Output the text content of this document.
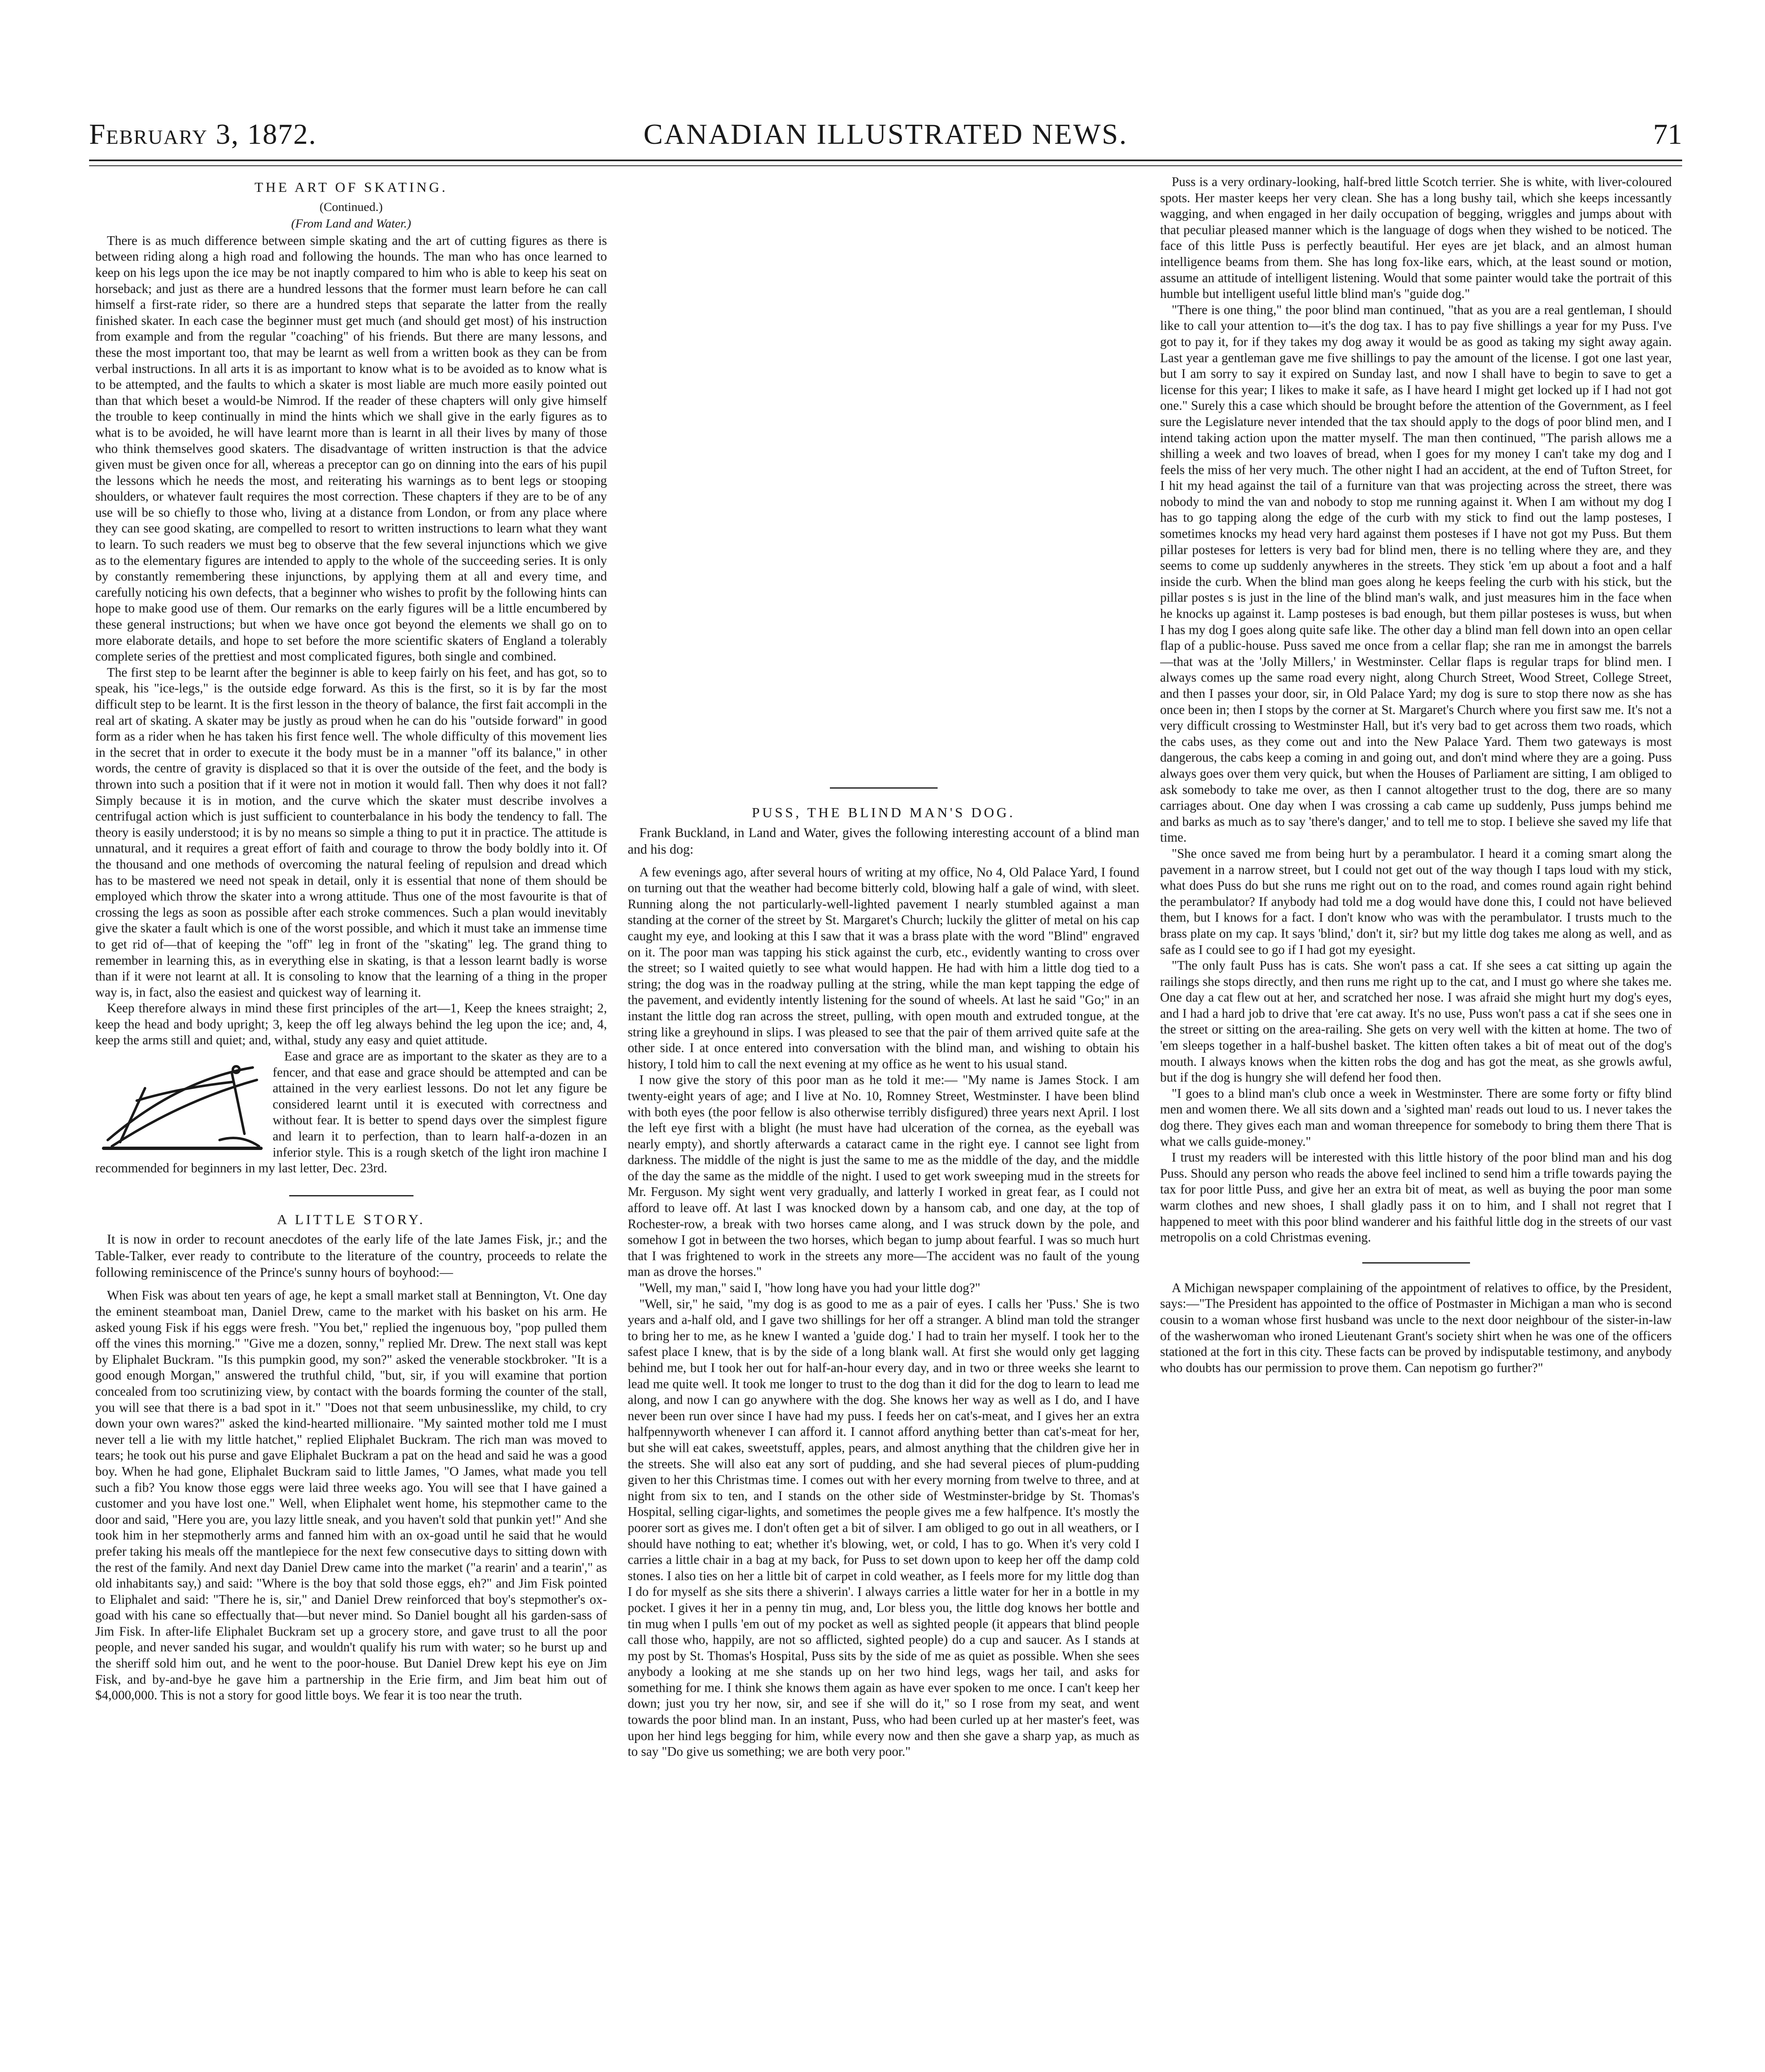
February 3, 1872.	CANADIAN ILLUSTRATED NEWS.	71
THE ART OF SKATING.
(Continued.)
(From Land and Water.)

There is as much difference between simple skating and the art of cutting figures as there is between riding along a high road and following the hounds. The man who has once learned to keep on his legs upon the ice may be not inaptly compared to him who is able to keep his seat on horseback; and just as there are a hundred lessons that the former must learn before he can call himself a first-rate rider, so there are a hundred steps that separate the latter from the really finished skater. In each case the beginner must get much (and should get most) of his instruction from example and from the regular "coaching" of his friends. But there are many lessons, and these the most important too, that may be learnt as well from a written book as they can be from verbal instructions. In all arts it is as important to know what is to be avoided as to know what is to be attempted, and the faults to which a skater is most liable are much more easily pointed out than that which beset a would-be Nimrod. If the reader of these chapters will only give himself the trouble to keep continually in mind the hints which we shall give in the early figures as to what is to be avoided, he will have learnt more than is learnt in all their lives by many of those who think themselves good skaters. The disadvantage of written instruction is that the advice given must be given once for all, whereas a preceptor can go on dinning into the ears of his pupil the lessons which he needs the most, and reiterating his warnings as to bent legs or stooping shoulders, or whatever fault requires the most correction. These chapters if they are to be of any use will be so chiefly to those who, living at a distance from London, or from any place where they can see good skating, are compelled to resort to written instructions to learn what they want to learn. To such readers we must beg to observe that the few several injunctions which we give as to the elementary figures are intended to apply to the whole of the succeeding series. It is only by constantly remembering these injunctions, by applying them at all and every time, and carefully noticing his own defects, that a beginner who wishes to profit by the following hints can hope to make good use of them. Our remarks on the early figures will be a little encumbered by these general instructions; but when we have once got beyond the elements we shall go on to more elaborate details, and hope to set before the more scientific skaters of England a tolerably complete series of the prettiest and most complicated figures, both single and combined.

The first step to be learnt after the beginner is able to keep fairly on his feet, and has got, so to speak, his "ice-legs," is the outside edge forward. As this is the first, so it is by far the most difficult step to be learnt. It is the first lesson in the theory of balance, the first fait accompli in the real art of skating. A skater may be justly as proud when he can do his "outside forward" in good form as a rider when he has taken his first fence well. The whole difficulty of this movement lies in the secret that in order to execute it the body must be in a manner "off its balance," in other words, the centre of gravity is displaced so that it is over the outside of the feet, and the body is thrown into such a position that if it were not in motion it would fall. Then why does it not fall? Simply because it is in motion, and the curve which the skater must describe involves a centrifugal action which is just sufficient to counterbalance in his body the tendency to fall. The theory is easily understood; it is by no means so simple a thing to put it in practice. The attitude is unnatural, and it requires a great effort of faith and courage to throw the body boldly into it. Of the thousand and one methods of overcoming the natural feeling of repulsion and dread which has to be mastered we need not speak in detail, only it is essential that none of them should be employed which throw the skater into a wrong attitude. Thus one of the most favourite is that of crossing the legs as soon as possible after each stroke commences. Such a plan would inevitably give the skater a fault which is one of the worst possible, and which it must take an immense time to get rid of—that of keeping the "off" leg in front of the "skating" leg. The grand thing to remember in learning this, as in everything else in skating, is that a lesson learnt badly is worse than if it were not learnt at all. It is consoling to know that the learning of a thing in the proper way is, in fact, also the easiest and quickest way of learning it.

Keep therefore always in mind these first principles of the art—1, Keep the knees straight; 2, keep the head and body upright; 3, keep the off leg always behind the leg upon the ice; and, 4, keep the arms still and quiet; and, withal, study any easy and quiet attitude.

Ease and grace are as important to the skater as they are to a fencer, and that ease and grace should be attempted and can be attained in the very earliest lessons. Do not let any figure be considered learnt until it is executed with correctness and without fear. It is better to spend days over the simplest figure and learn it to perfection, than to learn half-a-dozen in an inferior style. This is a rough sketch of the light iron machine I recommended for beginners in my last letter, Dec. 23rd.

A LITTLE STORY.

It is now in order to recount anecdotes of the early life of the late James Fisk, jr.; and the Table-Talker, ever ready to contribute to the literature of the country, proceeds to relate the following reminiscence of the Prince's sunny hours of boyhood:—

When Fisk was about ten years of age, he kept a small market stall at Bennington, Vt. One day the eminent steamboat man, Daniel Drew, came to the market with his basket on his arm. He asked young Fisk if his eggs were fresh. "You bet," replied the ingenuous boy, "pop pulled them off the vines this morning." "Give me a dozen, sonny," replied Mr. Drew. The next stall was kept by Eliphalet Buckram. "Is this pumpkin good, my son?" asked the venerable stockbroker. "It is a good enough Morgan," answered the truthful child, "but, sir, if you will examine that portion concealed from too scrutinizing view, by contact with the boards forming the counter of the stall, you will see that there is a bad spot in it." "Does not that seem unbusinesslike, my child, to cry down your own wares?" asked the kind-hearted millionaire. "My sainted mother told me I must never tell a lie with my little hatchet," replied Eliphalet Buckram. The rich man was moved to tears; he took out his purse and gave Eliphalet Buckram a pat on the head and said he was a good boy. When he had gone, Eliphalet Buckram said to little James, "O James, what made you tell such a fib? You know those eggs were laid three weeks ago. You will see that I have gained a customer and you have lost one." Well, when Eliphalet went home, his stepmother came to the door and said, "Here you are, you lazy little sneak, and you haven't sold that punkin yet!" And she took him in her stepmotherly arms and fanned him with an ox-goad until he said that he would prefer taking his meals off the mantlepiece for the next few consecutive days to sitting down with the rest of the family. And next day Daniel Drew came into the market ("a rearin' and a tearin'," as old inhabitants say,) and said: "Where is the boy that sold those eggs, eh?" and Jim Fisk pointed to Eliphalet and said: "There he is, sir," and Daniel Drew reinforced that boy's stepmother's ox-goad with his cane so effectually that—but never mind. So Daniel bought all his garden-sass of Jim Fisk. In after-life Eliphalet Buckram set up a grocery store, and gave trust to all the poor people, and never sanded his sugar, and wouldn't qualify his rum with water; so he burst up and the sheriff sold him out, and he went to the poor-house. But Daniel Drew kept his eye on Jim Fisk, and by-and-bye he gave him a partnership in the Erie firm, and Jim beat him out of $4,000,000. This is not a story for good little boys. We fear it is too near the truth.

PUSS, THE BLIND MAN'S DOG.

Frank Buckland, in Land and Water, gives the following interesting account of a blind man and his dog:

A few evenings ago, after several hours of writing at my office, No 4, Old Palace Yard, I found on turning out that the weather had become bitterly cold, blowing half a gale of wind, with sleet. Running along the not particularly-well-lighted pavement I nearly stumbled against a man standing at the corner of the street by St. Margaret's Church; luckily the glitter of metal on his cap caught my eye, and looking at this I saw that it was a brass plate with the word "Blind" engraved on it. The poor man was tapping his stick against the curb, etc., evidently wanting to cross over the street; so I waited quietly to see what would happen. He had with him a little dog tied to a string; the dog was in the roadway pulling at the string, while the man kept tapping the edge of the pavement, and evidently intently listening for the sound of wheels. At last he said "Go;" in an instant the little dog ran across the street, pulling, with open mouth and extruded tongue, at the string like a greyhound in slips. I was pleased to see that the pair of them arrived quite safe at the other side. I at once entered into conversation with the blind man, and wishing to obtain his history, I told him to call the next evening at my office as he went to his usual stand.

I now give the story of this poor man as he told it me:— "My name is James Stock. I am twenty-eight years of age; and I live at No. 10, Romney Street, Westminster. I have been blind with both eyes (the poor fellow is also otherwise terribly disfigured) three years next April. I lost the left eye first with a blight (he must have had ulceration of the cornea, as the eyeball was nearly empty), and shortly afterwards a cataract came in the right eye. I cannot see light from darkness. The middle of the night is just the same to me as the middle of the day, and the middle of the day the same as the middle of the night. I used to get work sweeping mud in the streets for Mr. Ferguson. My sight went very gradually, and latterly I worked in great fear, as I could not afford to leave off. At last I was knocked down by a hansom cab, and one day, at the top of Rochester-row, a break with two horses came along, and I was struck down by the pole, and somehow I got in between the two horses, which began to jump about fearful. I was so much hurt that I was frightened to work in the streets any more—The accident was no fault of the young man as drove the horses."

"Well, my man," said I, "how long have you had your little dog?"

"Well, sir," he said, "my dog is as good to me as a pair of eyes. I calls her 'Puss.' She is two years and a-half old, and I gave two shillings for her off a stranger. A blind man told the stranger to bring her to me, as he knew I wanted a 'guide dog.' I had to train her myself. I took her to the safest place I knew, that is by the side of a long blank wall. At first she would only get lagging behind me, but I took her out for half-an-hour every day, and in two or three weeks she learnt to lead me quite well. It took me longer to trust to the dog than it did for the dog to learn to lead me along, and now I can go anywhere with the dog. She knows her way as well as I do, and I have never been run over since I have had my puss. I feeds her on cat's-meat, and I gives her an extra halfpennyworth whenever I can afford it. I cannot afford anything better than cat's-meat for her, but she will eat cakes, sweetstuff, apples, pears, and almost anything that the children give her in the streets. She will also eat any sort of pudding, and she had several pieces of plum-pudding given to her this Christmas time. I comes out with her every morning from twelve to three, and at night from six to ten, and I stands on the other side of Westminster-bridge by St. Thomas's Hospital, selling cigar-lights, and sometimes the people gives me a few halfpence. It's mostly the poorer sort as gives me. I don't often get a bit of silver. I am obliged to go out in all weathers, or I should have nothing to eat; whether it's blowing, wet, or cold, I has to go. When it's very cold I carries a little chair in a bag at my back, for Puss to set down upon to keep her off the damp cold stones. I also ties on her a little bit of carpet in cold weather, as I feels more for my little dog than I do for myself as she sits there a shiverin'. I always carries a little water for her in a bottle in my pocket. I gives it her in a penny tin mug, and, Lor bless you, the little dog knows her bottle and tin mug when I pulls 'em out of my pocket as well as sighted people (it appears that blind people call those who, happily, are not so afflicted, sighted people) do a cup and saucer. As I stands at my post by St. Thomas's Hospital, Puss sits by the side of me as quiet as possible. When she sees anybody a looking at me she stands up on her two hind legs, wags her tail, and asks for something for me. I think she knows them again as have ever spoken to me once. I can't keep her down; just you try her now, sir, and see if she will do it," so I rose from my seat, and went towards the poor blind man. In an instant, Puss, who had been curled up at her master's feet, was upon her hind legs begging for him, while every now and then she gave a sharp yap, as much as to say "Do give us something; we are both very poor."

Puss is a very ordinary-looking, half-bred little Scotch terrier. She is white, with liver-coloured spots. Her master keeps her very clean. She has a long bushy tail, which she keeps incessantly wagging, and when engaged in her daily occupation of begging, wriggles and jumps about with that peculiar pleased manner which is the language of dogs when they wished to be noticed. The face of this little Puss is perfectly beautiful. Her eyes are jet black, and an almost human intelligence beams from them. She has long fox-like ears, which, at the least sound or motion, assume an attitude of intelligent listening. Would that some painter would take the portrait of this humble but intelligent useful little blind man's "guide dog."

"There is one thing," the poor blind man continued, "that as you are a real gentleman, I should like to call your attention to—it's the dog tax. I has to pay five shillings a year for my Puss. I've got to pay it, for if they takes my dog away it would be as good as taking my sight away again. Last year a gentleman gave me five shillings to pay the amount of the license. I got one last year, but I am sorry to say it expired on Sunday last, and now I shall have to begin to save to get a license for this year; I likes to make it safe, as I have heard I might get locked up if I had not got one." Surely this a case which should be brought before the attention of the Government, as I feel sure the Legislature never intended that the tax should apply to the dogs of poor blind men, and I intend taking action upon the matter myself. The man then continued, "The parish allows me a shilling a week and two loaves of bread, when I goes for my money I can't take my dog and I feels the miss of her very much. The other night I had an accident, at the end of Tufton Street, for I hit my head against the tail of a furniture van that was projecting across the street, there was nobody to mind the van and nobody to stop me running against it. When I am without my dog I has to go tapping along the edge of the curb with my stick to find out the lamp posteses, I sometimes knocks my head very hard against them posteses if I have not got my Puss. But them pillar posteses for letters is very bad for blind men, there is no telling where they are, and they seems to come up suddenly anywheres in the streets. They stick 'em up about a foot and a half inside the curb. When the blind man goes along he keeps feeling the curb with his stick, but the pillar postes s is just in the line of the blind man's walk, and just measures him in the face when he knocks up against it. Lamp posteses is bad enough, but them pillar posteses is wuss, but when I has my dog I goes along quite safe like. The other day a blind man fell down into an open cellar flap of a public-house. Puss saved me once from a cellar flap; she ran me in amongst the barrels—that was at the 'Jolly Millers,' in Westminster. Cellar flaps is regular traps for blind men. I always comes up the same road every night, along Church Street, Wood Street, College Street, and then I passes your door, sir, in Old Palace Yard; my dog is sure to stop there now as she has once been in; then I stops by the corner at St. Margaret's Church where you first saw me. It's not a very difficult crossing to Westminster Hall, but it's very bad to get across them two roads, which the cabs uses, as they come out and into the New Palace Yard. Them two gateways is most dangerous, the cabs keep a coming in and going out, and don't mind where they are a going. Puss always goes over them very quick, but when the Houses of Parliament are sitting, I am obliged to ask somebody to take me over, as then I cannot altogether trust to the dog, there are so many carriages about. One day when I was crossing a cab came up suddenly, Puss jumps behind me and barks as much as to say 'there's danger,' and to tell me to stop. I believe she saved my life that time.

"She once saved me from being hurt by a perambulator. I heard it a coming smart along the pavement in a narrow street, but I could not get out of the way though I taps loud with my stick, what does Puss do but she runs me right out on to the road, and comes round again right behind the perambulator? If anybody had told me a dog would have done this, I could not have believed them, but I knows for a fact. I don't know who was with the perambulator. I trusts much to the brass plate on my cap. It says 'blind,' don't it, sir? but my little dog takes me along as well, and as safe as I could see to go if I had got my eyesight.

"The only fault Puss has is cats. She won't pass a cat. If she sees a cat sitting up again the railings she stops directly, and then runs me right up to the cat, and I must go where she takes me. One day a cat flew out at her, and scratched her nose. I was afraid she might hurt my dog's eyes, and I had a hard job to drive that 'ere cat away. It's no use, Puss won't pass a cat if she sees one in the street or sitting on the area-railing. She gets on very well with the kitten at home. The two of 'em sleeps together in a half-bushel basket. The kitten often takes a bit of meat out of the dog's mouth. I always knows when the kitten robs the dog and has got the meat, as she growls awful, but if the dog is hungry she will defend her food then.

"I goes to a blind man's club once a week in Westminster. There are some forty or fifty blind men and women there. We all sits down and a 'sighted man' reads out loud to us. I never takes the dog there. They gives each man and woman threepence for somebody to bring them there That is what we calls guide-money."

I trust my readers will be interested with this little history of the poor blind man and his dog Puss. Should any person who reads the above feel inclined to send him a trifle towards paying the tax for poor little Puss, and give her an extra bit of meat, as well as buying the poor man some warm clothes and new shoes, I shall gladly pass it on to him, and I shall not regret that I happened to meet with this poor blind wanderer and his faithful little dog in the streets of our vast metropolis on a cold Christmas evening.

A Michigan newspaper complaining of the appointment of relatives to office, by the President, says:—"The President has appointed to the office of Postmaster in Michigan a man who is second cousin to a woman whose first husband was uncle to the next door neighbour of the sister-in-law of the washerwoman who ironed Lieutenant Grant's society shirt when he was one of the officers stationed at the fort in this city. These facts can be proved by indisputable testimony, and anybody who doubts has our permission to prove them. Can nepotism go further?"
